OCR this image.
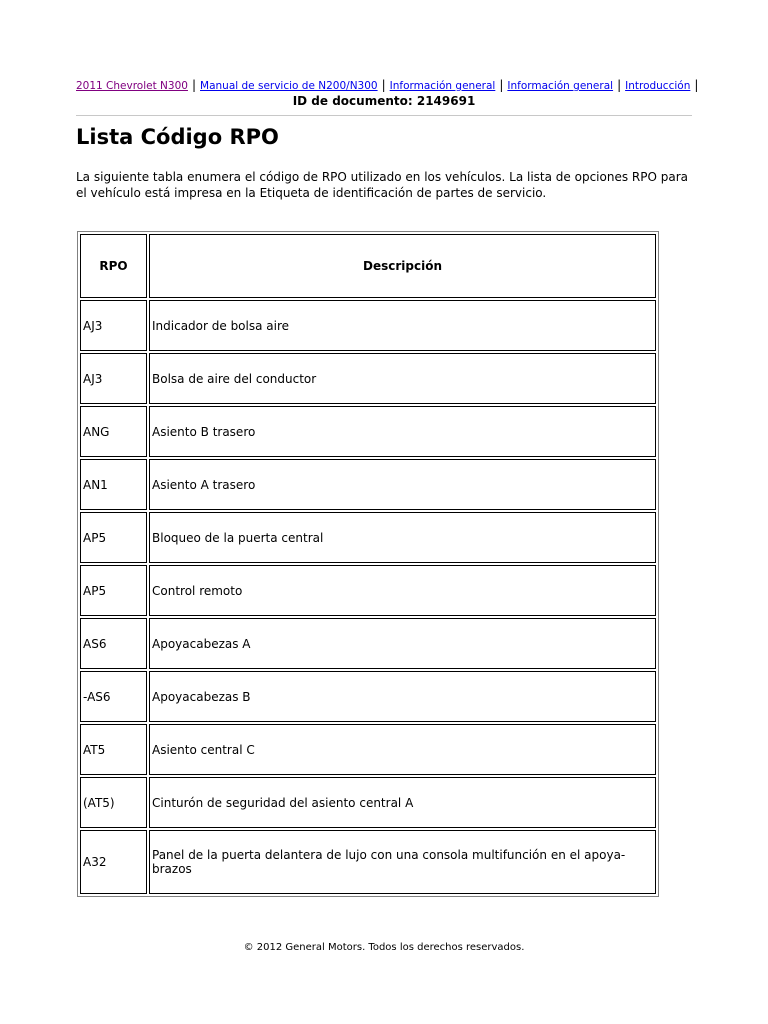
2011 Chevrolet N300 | Manual de servicio de N200/N300 | Información general | Información general | Introducción |
ID de documento: 2149691
Lista Código RPO

La siguiente tabla enumera el código de RPO utilizado en los vehículos. La lista de opciones RPO para el vehículo está impresa en la Etiqueta de identificación de partes de servicio.

RPO	Descripción
AJ3	Indicador de bolsa aire
AJ3	Bolsa de aire del conductor
ANG	Asiento B trasero
AN1	Asiento A trasero
AP5	Bloqueo de la puerta central
AP5	Control remoto
AS6	Apoyacabezas A
-AS6	Apoyacabezas B
AT5	Asiento central C
(AT5)	Cinturón de seguridad del asiento central A
A32	Panel de la puerta delantera de lujo con una consola multifunción en el apoya-brazos
© 2012 General Motors. Todos los derechos reservados.
